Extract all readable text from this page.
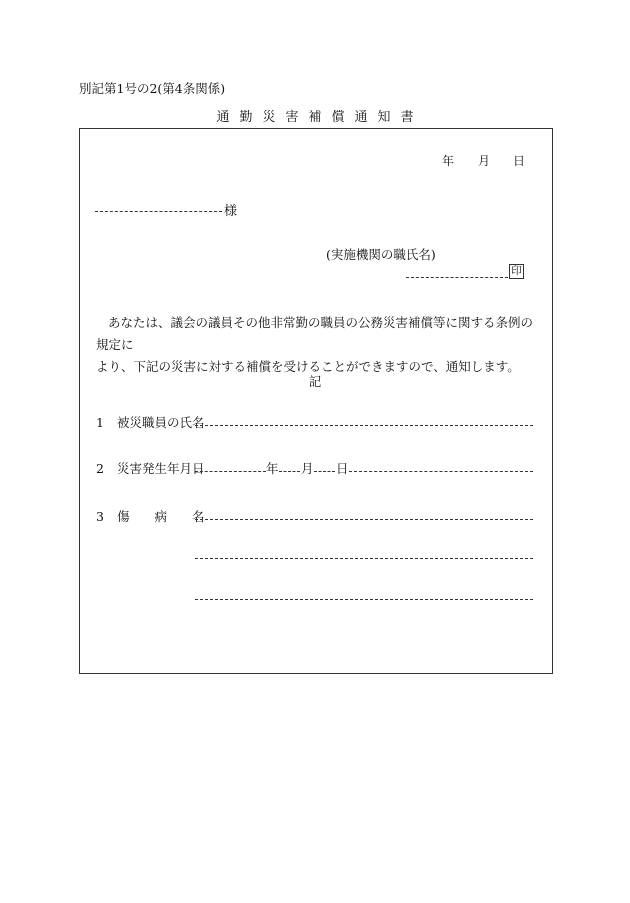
別記第1号の2(第4条関係)
通勤災害補償通知書
年 月 日
様
(実施機関の職氏名)
印
あなたは、議会の議員その他非常勤の職員の公務災害補償等に関する条例の規定に
より、下記の災害に対する補償を受けることができますので、通知します。
記
1 被災職員の氏名
2 災害発生年月日	年 月 日
3 傷　　病　　名
